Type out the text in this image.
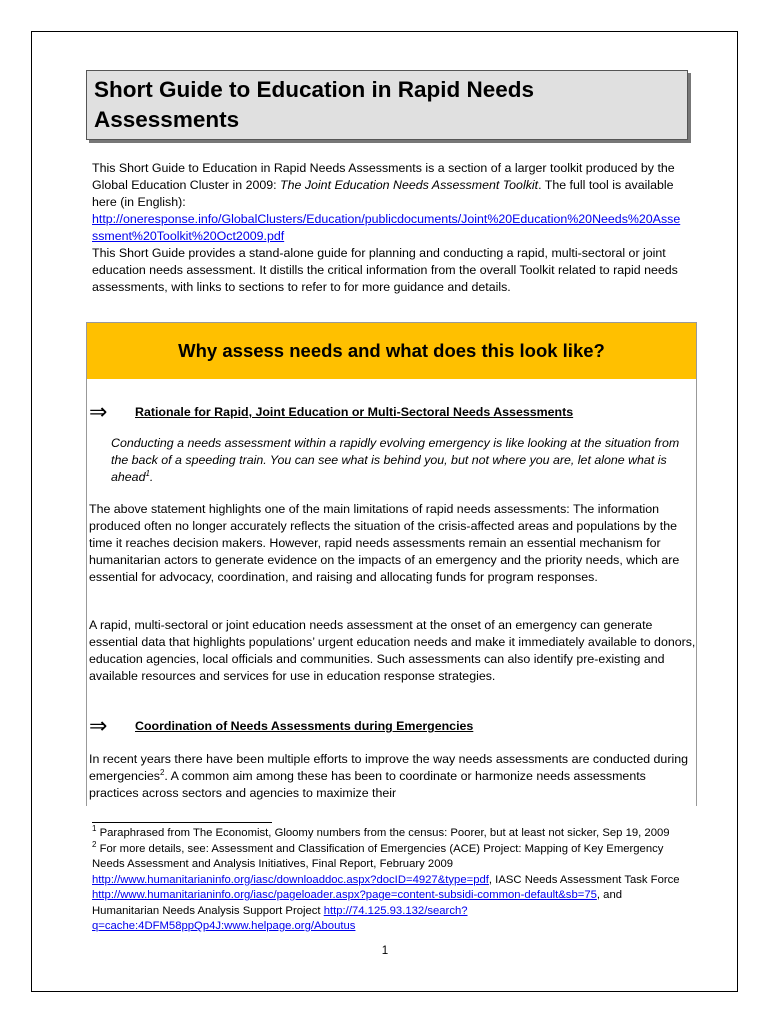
Short Guide to Education in Rapid Needs Assessments

This Short Guide to Education in Rapid Needs Assessments is a section of a larger toolkit produced by the Global Education Cluster in 2009: The Joint Education Needs Assessment Toolkit. The full tool is available here (in English):
http://oneresponse.info/GlobalClusters/Education/publicdocuments/Joint%20Education%20Needs%20Assessment%20Toolkit%20Oct2009.pdf

This Short Guide provides a stand-alone guide for planning and conducting a rapid, multi-sectoral or joint education needs assessment. It distills the critical information from the overall Toolkit related to rapid needs assessments, with links to sections to refer to for more guidance and details.

Why assess needs and what does this look like?
⇒	Rationale for Rapid, Joint Education or Multi-Sectoral Needs Assessments
Conducting a needs assessment within a rapidly evolving emergency is like looking at the situation from the back of a speeding train. You can see what is behind you, but not where you are, let alone what is ahead$^1$.
The above statement highlights one of the main limitations of rapid needs assessments: The information produced often no longer accurately reflects the situation of the crisis-affected areas and populations by the time it reaches decision makers. However, rapid needs assessments remain an essential mechanism for humanitarian actors to generate evidence on the impacts of an emergency and the priority needs, which are essential for advocacy, coordination, and raising and allocating funds for program responses.
A rapid, multi-sectoral or joint education needs assessment at the onset of an emergency can generate essential data that highlights populations’ urgent education needs and make it immediately available to donors, education agencies, local officials and communities. Such assessments can also identify pre-existing and available resources and services for use in education response strategies.
⇒	Coordination of Needs Assessments during Emergencies
In recent years there have been multiple efforts to improve the way needs assessments are conducted during emergencies$^2$. A common aim among these has been to coordinate or harmonize needs assessments practices across sectors and agencies to maximize their

$^1$ Paraphrased from The Economist, Gloomy numbers from the census: Poorer, but at least not sicker, Sep 19, 2009

$^2$ For more details, see: Assessment and Classification of Emergencies (ACE) Project: Mapping of Key Emergency Needs Assessment and Analysis Initiatives, Final Report, February 2009 http://www.humanitarianinfo.org/iasc/downloaddoc.aspx?docID=4927&type=pdf, IASC Needs Assessment Task Force http://www.humanitarianinfo.org/iasc/pageloader.aspx?page=content-subsidi-common-default&sb=75, and Humanitarian Needs Analysis Support Project http://74.125.93.132/search?q=cache:4DFM58ppQp4J:www.helpage.org/Aboutus

1
